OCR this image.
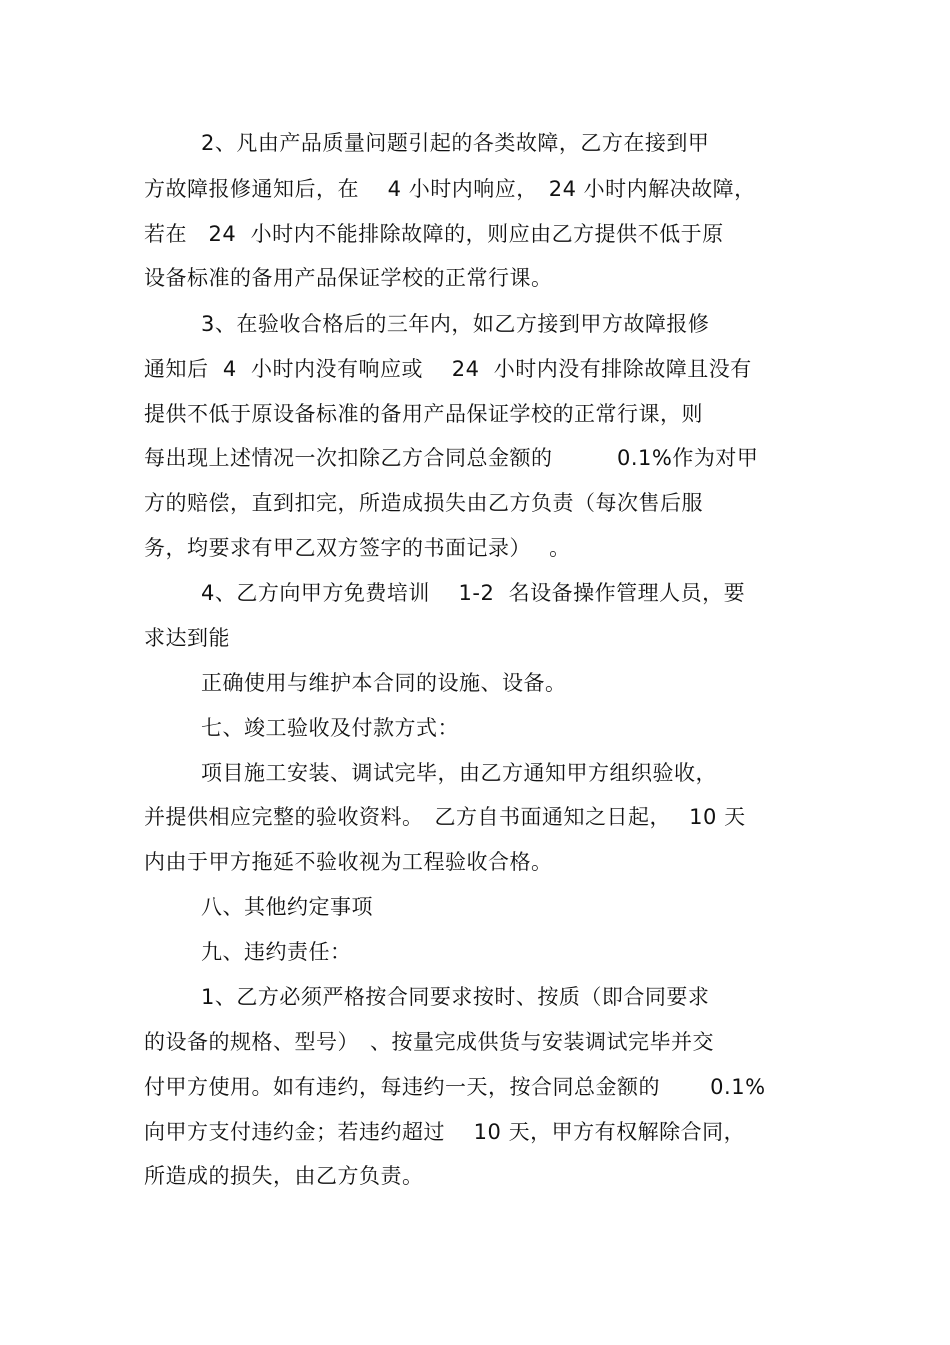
2、凡由产品质量问题引起的各类故障，乙方在接到甲
方故障报修通知后，在　 4 小时内响应，　24 小时内解决故障，
若在　24  小时内不能排除故障的，则应由乙方提供不低于原
设备标准的备用产品保证学校的正常行课。
3、在验收合格后的三年内，如乙方接到甲方故障报修
通知后  4  小时内没有响应或　 24  小时内没有排除故障且没有
提供不低于原设备标准的备用产品保证学校的正常行课，则
每出现上述情况一次扣除乙方合同总金额的　　　0.1%作为对甲
方的赔偿，直到扣完，所造成损失由乙方负责（每次售后服
务，均要求有甲乙双方签字的书面记录）　 。
4、乙方向甲方免费培训　 1-2  名设备操作管理人员，要
求达到能
正确使用与维护本合同的设施、设备。
七、竣工验收及付款方式：
项目施工安装、调试完毕，由乙方通知甲方组织验收，
并提供相应完整的验收资料。　乙方自书面通知之日起，　 10 天
内由于甲方拖延不验收视为工程验收合格。
八、其他约定事项
九、违约责任：
1、乙方必须严格按合同要求按时、按质（即合同要求
的设备的规格、型号）　、按量完成供货与安装调试完毕并交
付甲方使用。如有违约，每违约一天，按合同总金额的　　 0.1%
向甲方支付违约金；若违约超过　 10 天，甲方有权解除合同，
所造成的损失，由乙方负责。
